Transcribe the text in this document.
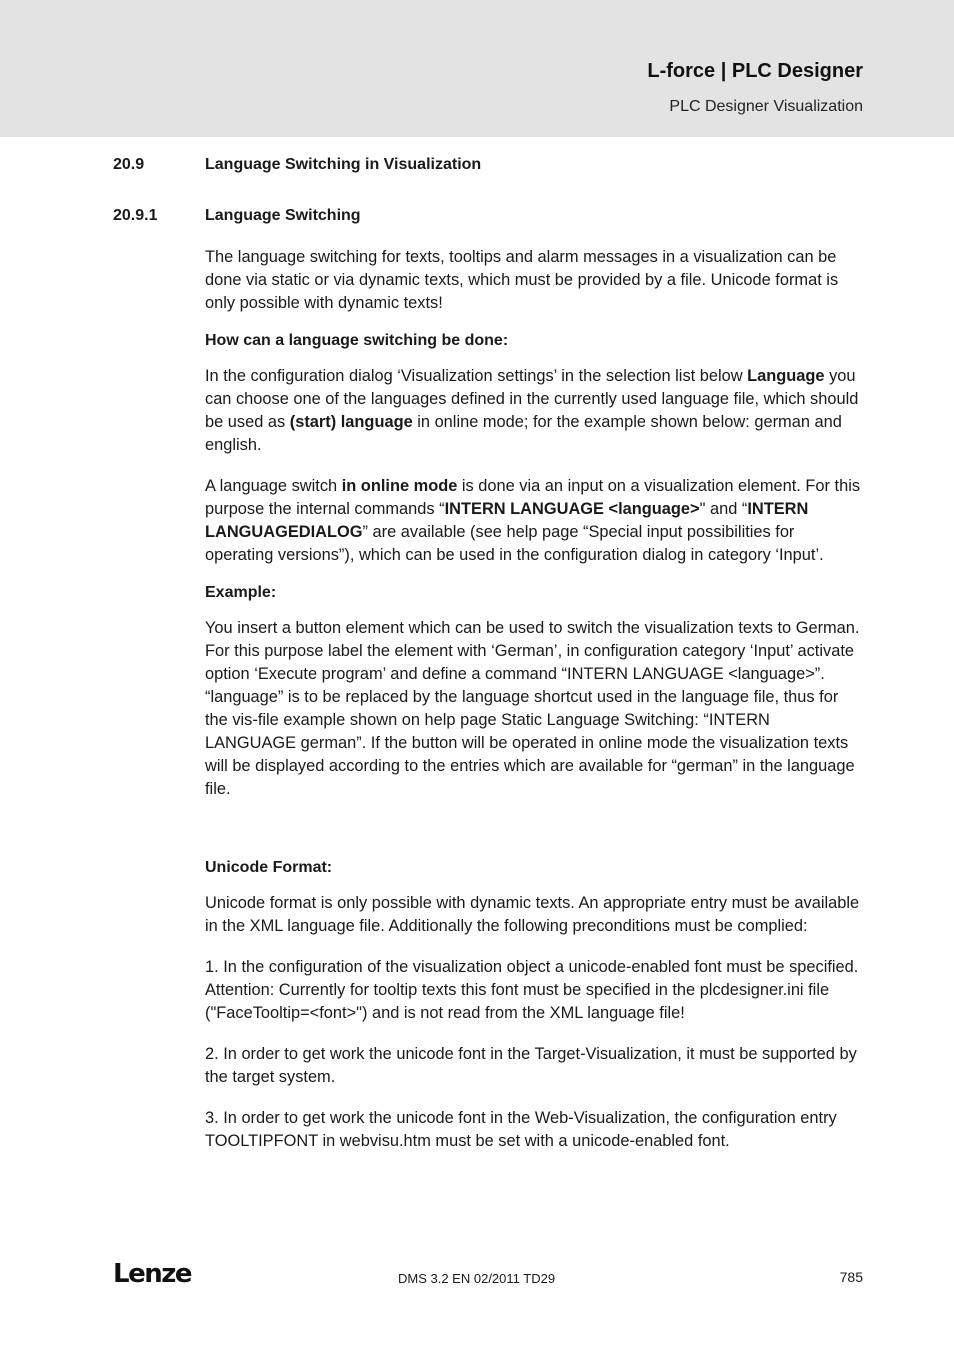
L-force | PLC Designer
PLC Designer Visualization
20.9	Language Switching in Visualization
20.9.1	Language Switching

The language switching for texts, tooltips and alarm messages in a visualization can be done via static or via dynamic texts, which must be provided by a file. Unicode format is only possible with dynamic texts!

How can a language switching be done:

In the configuration dialog ‘Visualization settings’ in the selection list below Language you can choose one of the languages defined in the currently used language file, which should be used as (start) language in online mode; for the example shown below: german and english.

A language switch in online mode is done via an input on a visualization element. For this purpose the internal commands “INTERN LANGUAGE <language>" and “INTERN LANGUAGEDIALOG” are available (see help page “Special input possibilities for operating versions”), which can be used in the configuration dialog in category ‘Input’.

Example:

You insert a button element which can be used to switch the visualization texts to German. For this purpose label the element with ‘German’, in configuration category ‘Input’ activate option ‘Execute program’ and define a command “INTERN LANGUAGE <language>”. “language” is to be replaced by the language shortcut used in the language file, thus for the vis-file example shown on help page Static Language Switching: “INTERN LANGUAGE german”. If the button will be operated in online mode the visualization texts will be displayed according to the entries which are available for “german” in the language file.

Unicode Format:

Unicode format is only possible with dynamic texts. An appropriate entry must be available in the XML language file. Additionally the following preconditions must be complied:

1. In the configuration of the visualization object a unicode-enabled font must be specified. Attention: Currently for tooltip texts this font must be specified in the plcdesigner.ini file ("FaceTooltip=<font>") and is not read from the XML language file!

2. In order to get work the unicode font in the Target-Visualization, it must be supported by the target system.

3. In order to get work the unicode font in the Web-Visualization, the configuration entry TOOLTIPFONT in webvisu.htm must be set with a unicode-enabled font.

Lenze	DMS 3.2 EN 02/2011 TD29	785
